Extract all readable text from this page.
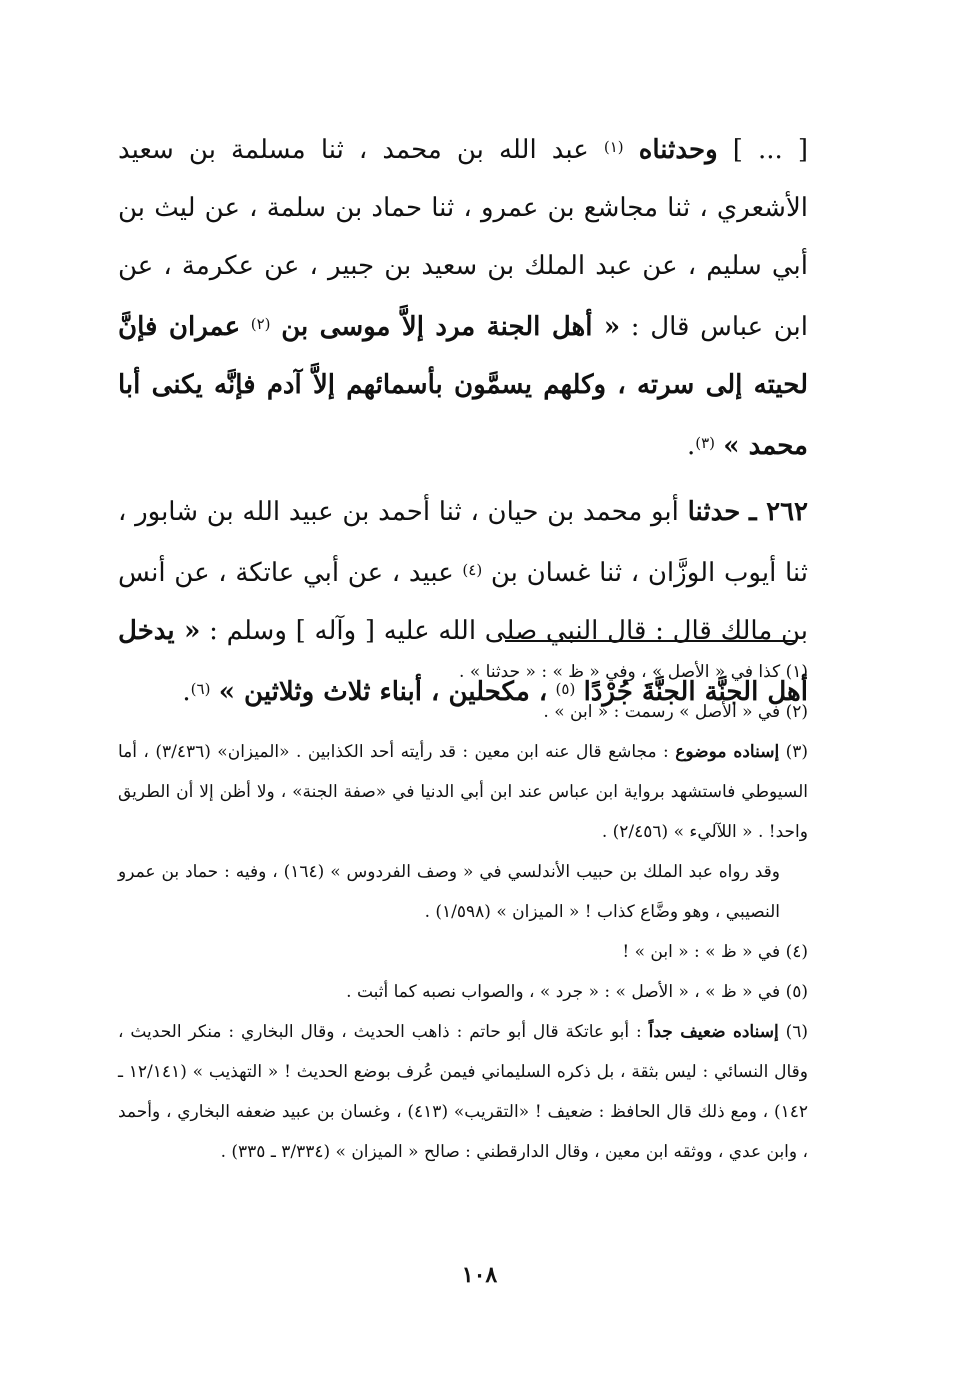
[ ... ] وحدثناه $^{(١)}$ عبد الله بن محمد ، ثنا مسلمة بن سعيد الأشعري ، ثنا مجاشع بن عمرو ، ثنا حماد بن سلمة ، عن ليث بن أبي سليم ، عن عبد الملك بن سعيد بن جبير ، عن عكرمة ، عن ابن عباس قال : « أهل الجنة مرد إلاَّ موسى بن $^{(٢)}$ عمران فإنَّ لحيته إلى سرته ، وكلهم يسمَّون بأسمائهم إلاَّ آدم فإنَّه يكنى أبا محمد » $^{(٣)}$.

٢٦٢ ـ حدثنا أبو محمد بن حيان ، ثنا أحمد بن عبيد الله بن شابور ، ثنا أيوب الوزَّان ، ثنا غسان بن $^{(٤)}$ عبيد ، عن أبي عاتكة ، عن أنس بن مالك قال : قال النبي صلى الله عليه [ وآله ] وسلم : « يدخل أهل الجنَّة الجنَّةَ جُرْدًا $^{(٥)}$ ، مكحلين ، أبناء ثلاث وثلاثين » $^{(٦)}$.

(١) كذا في « الأصل » ، وفي « ظ » : « حدثنا » .

(٢) في « الأصل » رسمت : « ابن » .

(٣) إسناده موضوع : مجاشع قال عنه ابن معين : قد رأيته أحد الكذابين . «الميزان» (٣/٤٣٦) ، أما السيوطي فاستشهد برواية ابن عباس عند ابن أبي الدنيا في «صفة الجنة» ، ولا أظن إلا أن الطريق واحد! . « اللآليء » (٢/٤٥٦) .

وقد رواه عبد الملك بن حبيب الأندلسي في « وصف الفردوس » (١٦٤) ، وفيه : حماد بن عمرو النصيبي ، وهو وضَّاع كذاب ! « الميزان » (١/٥٩٨) .

(٤) في « ظ » : « ابن » !

(٥) في « ظ » ، « الأصل » : « جرد » ، والصواب نصبه كما أثبت .

(٦) إسناده ضعيف جداً : أبو عاتكة قال أبو حاتم : ذاهب الحديث ، وقال البخاري : منكر الحديث ، وقال النسائي : ليس بثقة ، بل ذكره السليماني فيمن عُرف بوضع الحديث ! « التهذيب » (١٢/١٤١ ـ ١٤٢) ، ومع ذلك قال الحافظ : ضعيف ! «التقريب» (٤١٣) ، وغسان بن عبيد ضعفه البخاري ، وأحمد ، وابن عدي ، ووثقه ابن معين ، وقال الدارقطني : صالح « الميزان » (٣/٣٣٤ ـ ٣٣٥) .

١٠٨
